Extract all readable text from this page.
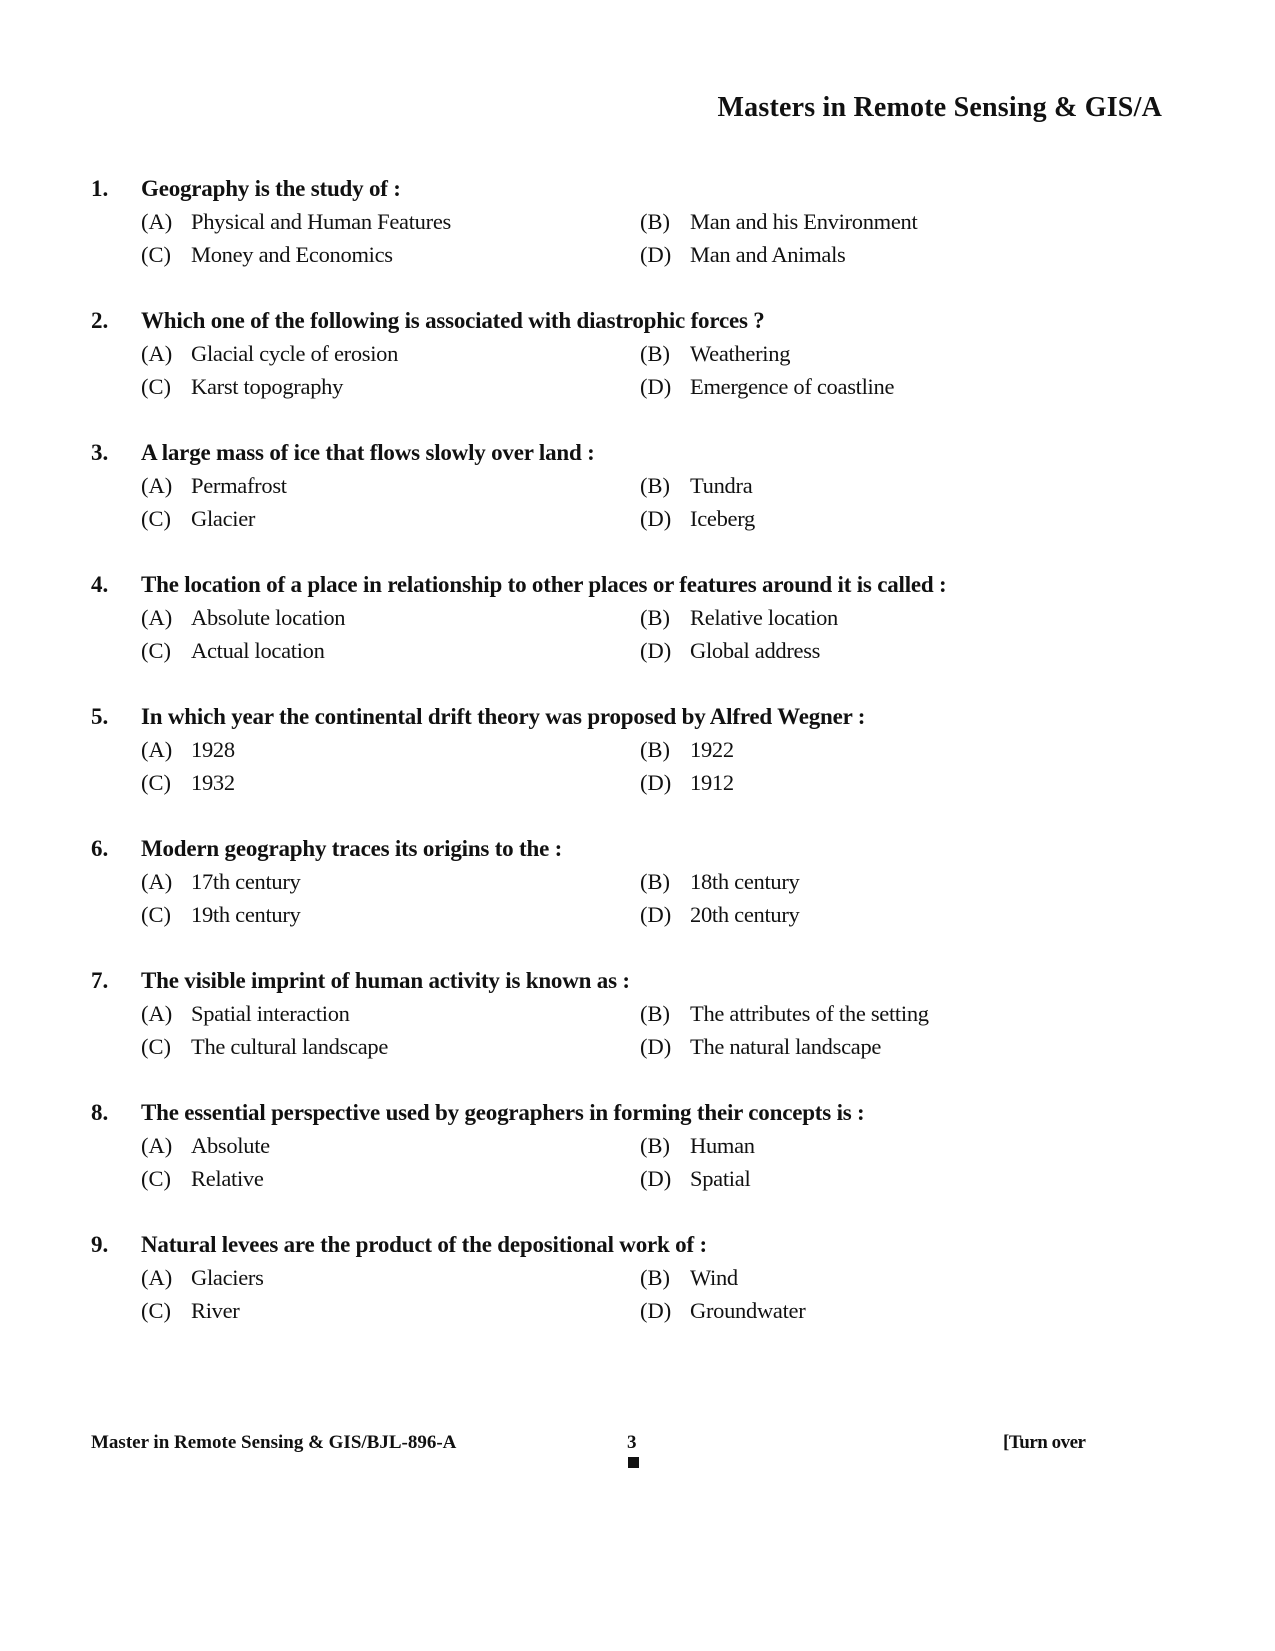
Masters in Remote Sensing & GIS/A
1. Geography is the study of :
(A) Physical and Human Features	(B) Man and his Environment
(C) Money and Economics	(D) Man and Animals
2. Which one of the following is associated with diastrophic forces ?
(A) Glacial cycle of erosion	(B) Weathering
(C) Karst topography	(D) Emergence of coastline
3. A large mass of ice that flows slowly over land :
(A) Permafrost	(B) Tundra
(C) Glacier	(D) Iceberg
4. The location of a place in relationship to other places or features around it is called :
(A) Absolute location	(B) Relative location
(C) Actual location	(D) Global address
5. In which year the continental drift theory was proposed by Alfred Wegner :
(A) 1928	(B) 1922
(C) 1932	(D) 1912
6. Modern geography traces its origins to the :
(A) 17th century	(B) 18th century
(C) 19th century	(D) 20th century
7. The visible imprint of human activity is known as :
(A) Spatial interaction	(B) The attributes of the setting
(C) The cultural landscape	(D) The natural landscape
8. The essential perspective used by geographers in forming their concepts is :
(A) Absolute	(B) Human
(C) Relative	(D) Spatial
9. Natural levees are the product of the depositional work of :
(A) Glaciers	(B) Wind
(C) River	(D) Groundwater
Master in Remote Sensing & GIS/BJL-896-A	3	[Turn over
